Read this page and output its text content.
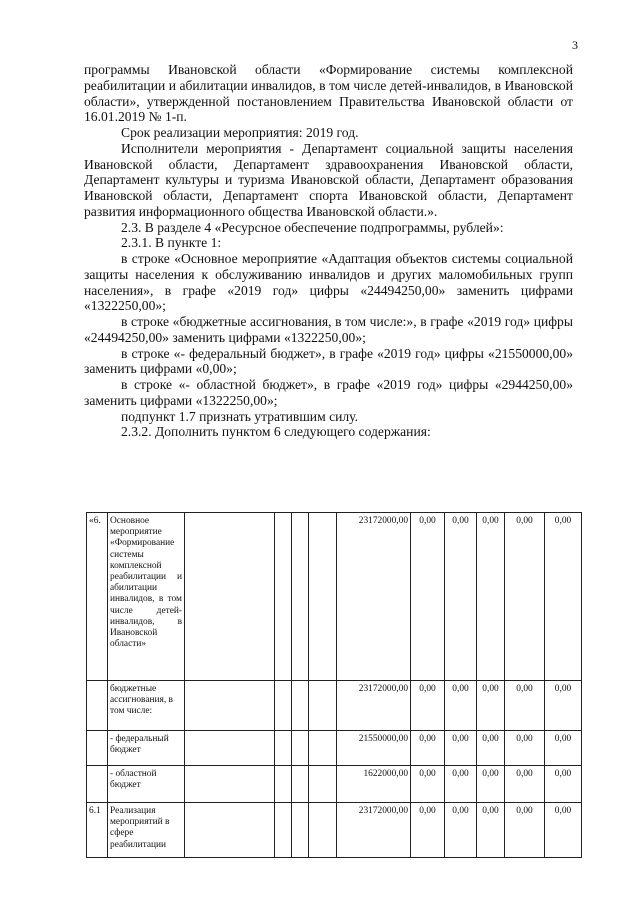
3

программы Ивановской области «Формирование системы комплексной реабилитации и абилитации инвалидов, в том числе детей-инвалидов, в Ивановской области», утвержденной постановлением Правительства Ивановской области от 16.01.2019 № 1-п.

Срок реализации мероприятия: 2019 год.

Исполнители мероприятия - Департамент социальной защиты населения Ивановской области, Департамент здравоохранения Ивановской области, Департамент культуры и туризма Ивановской области, Департамент образования Ивановской области, Департамент спорта Ивановской области, Департамент развития информационного общества Ивановской области.».

2.3. В разделе 4 «Ресурсное обеспечение подпрограммы, рублей»:

2.3.1. В пункте 1:

в строке «Основное мероприятие «Адаптация объектов системы социальной защиты населения к обслуживанию инвалидов и других маломобильных групп населения», в графе «2019 год» цифры «24494250,00» заменить цифрами «1322250,00»;

в строке «бюджетные ассигнования, в том числе:», в графе «2019 год» цифры «24494250,00» заменить цифрами «1322250,00»;

в строке «- федеральный бюджет», в графе «2019 год» цифры «21550000,00» заменить цифрами «0,00»;

в строке «- областной бюджет», в графе «2019 год» цифры «2944250,00» заменить цифрами «1322250,00»;

подпункт 1.7 признать утратившим силу.

2.3.2. Дополнить пунктом 6 следующего содержания:

«6.	Основное мероприятие «Формирование системы комплексной реабилитации и абилитации инвалидов, в том числе детей-инвалидов, в Ивановской области»					23172000,00	0,00	0,00	0,00	0,00	0,00
	бюджетные ассигнования, в том числе:					23172000,00	0,00	0,00	0,00	0,00	0,00
	- федеральный бюджет					21550000,00	0,00	0,00	0,00	0,00	0,00
	- областной бюджет					1622000,00	0,00	0,00	0,00	0,00	0,00
6.1	Реализация мероприятий в сфере реабилитации					23172000,00	0,00	0,00	0,00	0,00	0,00
